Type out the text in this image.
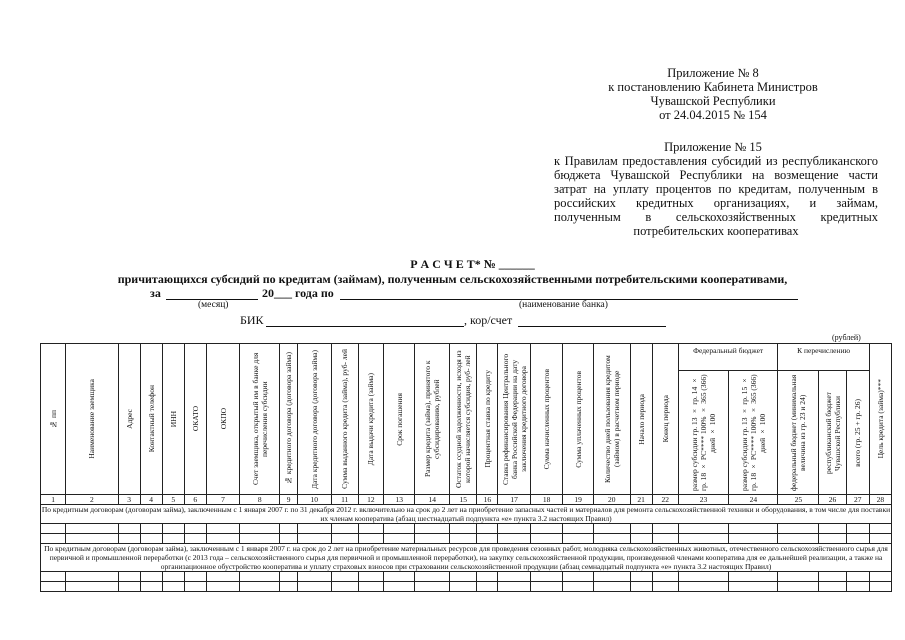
Приложение № 8
к постановлению Кабинета Министров
Чувашской Республики
от 24.04.2015 № 154
Приложение № 15
к Правилам предоставления субсидий из республиканского бюджета Чувашской Республики на возмещение части затрат на уплату процентов по кредитам, полученным в российских кредитных организациях, и займам, полученным в сельскохозяйственных кредитных потребительских кооперативах
Р А С Ч Е Т* № ______
причитающихся субсидий по кредитам (займам), полученным сельскохозяйственными потребительскими кооперативами,
за	20___ года по
(месяц)	(наименование банка)
БИК	, кор/счет
(рублей)
№ пп	Наименование заемщика	Адрес	Контактный телефон	ИНН	ОКАТО	ОКПО	Счет заемщика, открытый им в банке для перечисления субсидии	№ кредитного договора (договора займа)	Дата кредитного договора (договора займа)	Сумма выданного кредита (займа), руб- лей	Дата выдачи кредита (займа)	Срок погашения	Размер кредита (займа), принятого к субсидированию, рублей	Остаток ссудной задолженности, исходя из которой начисляется субсидия, руб- лей	Процентная ставка по кредиту	Ставка рефинансирования Центрального банка Российской Федерации на дату заключения кредитного договора	Сумма начисленных процентов	Сумма уплаченных процентов	Количество дней пользования кредитом (займом) в расчетном периоде	Начало периода	Конец периода	Федеральный бюджет		К перечислению			Цель кредита (займа)***

																						размер субсидии гр. 13 × гр. 14 × гр. 18 × РС**** 100% × 365 (366) дней × 100	размер субсидии гр. 13 × гр. 15 × гр. 18 × РС**** 100% × 365 (366) дней × 100	федеральный бюджет (минимальная величина из гр. 23 и 24)	республиканский бюджет Чувашской Республики	всего (гр. 25 + гр. 26)	

1	2	3	4	5	6	7	8	9	10	11	12	13	14	15	16	17	18	19	20	21	22	23	24	25	26	27	28
По кредитным договорам (договорам займа), заключенным с 1 января 2007 г. по 31 декабря 2012 г. включительно на срок до 2 лет на приобретение запасных частей и материалов для ремонта сельскохозяйственной техники и оборудования, в том числе для поставки их членам кооператива (абзац шестнадцатый подпункта «е» пункта 3.2 настоящих Правил)																											

По кредитным договорам (договорам займа), заключенным с 1 января 2007 г. на срок до 2 лет на приобретение материальных ресурсов для проведения сезонных работ, молодняка сельскохозяйственных животных, отечественного сельскохозяйственного сырья для первичной и промышленной переработки (с 2013 года – сельскохозяйственного сырья для первичной и промышленной переработки), на закупку сельскохозяйственной продукции, произведенной членами кооператива для ее дальнейшей реализации, а также на организационное обустройство кооператива и уплату страховых взносов при страховании сельскохозяйственной продукции (абзац семнадцатый подпункта «е» пункта 3.2 настоящих Правил)																											
